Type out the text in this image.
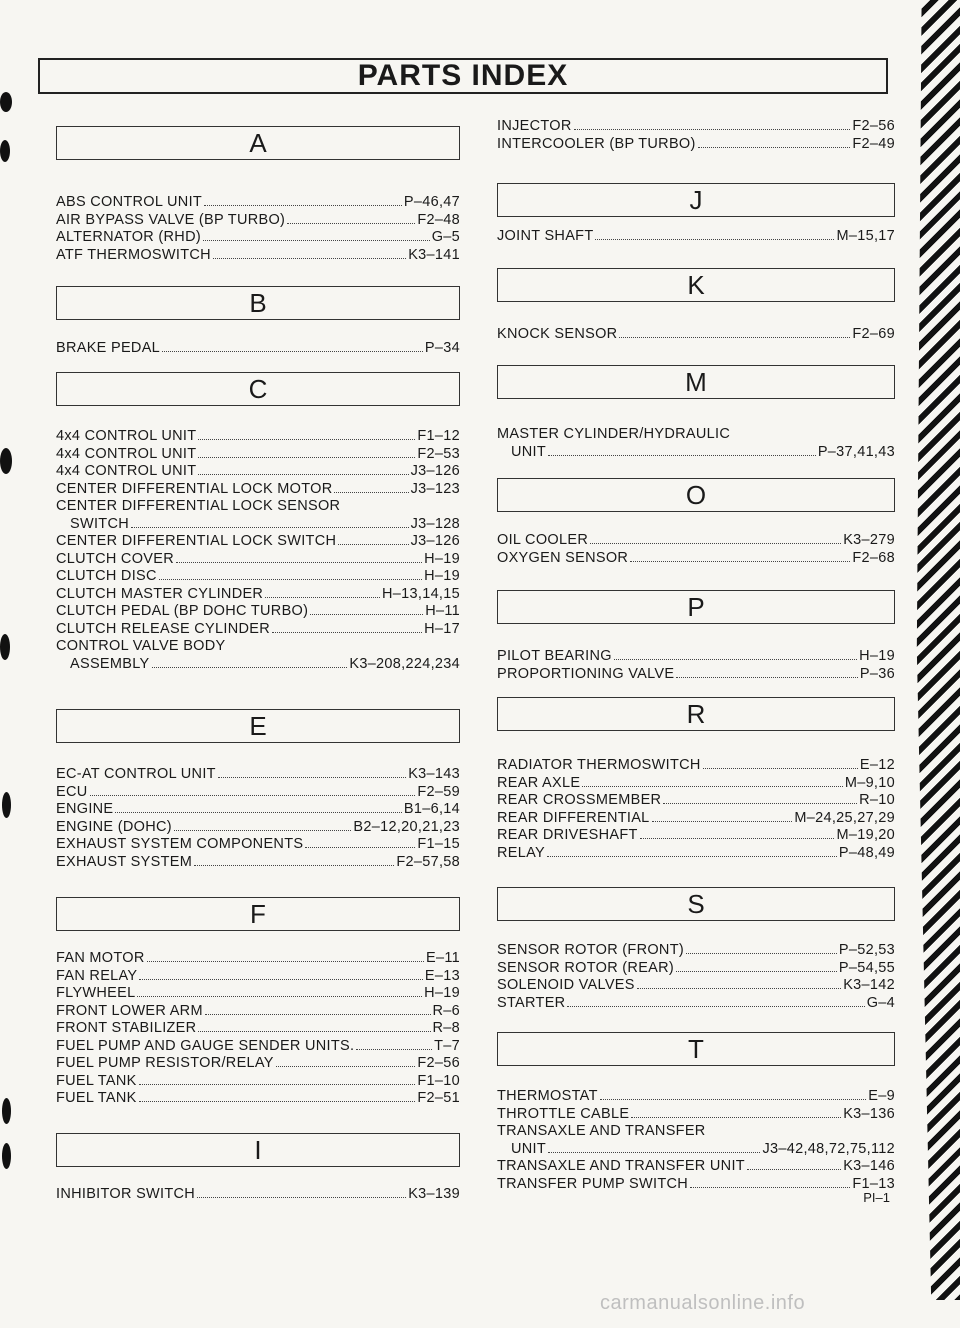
PARTS INDEX
A
ABS CONTROL UNIT	P–46,47
AIR BYPASS VALVE (BP TURBO)	F2–48
ALTERNATOR (RHD)	G–5
ATF THERMOSWITCH	K3–141
B
BRAKE PEDAL	P–34
C
4x4 CONTROL UNIT	F1–12
4x4 CONTROL UNIT	F2–53
4x4 CONTROL UNIT	J3–126
CENTER DIFFERENTIAL LOCK MOTOR	J3–123
CENTER DIFFERENTIAL LOCK SENSOR
SWITCH	J3–128
CENTER DIFFERENTIAL LOCK SWITCH	J3–126
CLUTCH COVER	H–19
CLUTCH DISC	H–19
CLUTCH MASTER CYLINDER	H–13,14,15
CLUTCH PEDAL (BP DOHC TURBO)	H–11
CLUTCH RELEASE CYLINDER	H–17
CONTROL VALVE BODY
ASSEMBLY	K3–208,224,234
E
EC-AT CONTROL UNIT	K3–143
ECU	F2–59
ENGINE	B1–6,14
ENGINE (DOHC)	B2–12,20,21,23
EXHAUST SYSTEM COMPONENTS	F1–15
EXHAUST SYSTEM	F2–57,58
F
FAN MOTOR	E–11
FAN RELAY	E–13
FLYWHEEL	H–19
FRONT LOWER ARM	R–6
FRONT STABILIZER	R–8
FUEL PUMP AND GAUGE SENDER UNITS.	T–7
FUEL PUMP RESISTOR/RELAY	F2–56
FUEL TANK	F1–10
FUEL TANK	F2–51
I
INHIBITOR SWITCH	K3–139
INJECTOR	F2–56
INTERCOOLER (BP TURBO)	F2–49
J
JOINT SHAFT	M–15,17
K
KNOCK SENSOR	F2–69
M
MASTER CYLINDER/HYDRAULIC
UNIT	P–37,41,43
O
OIL COOLER	K3–279
OXYGEN SENSOR	F2–68
P
PILOT BEARING	H–19
PROPORTIONING VALVE	P–36
R
RADIATOR THERMOSWITCH	E–12
REAR AXLE	M–9,10
REAR CROSSMEMBER	R–10
REAR DIFFERENTIAL	M–24,25,27,29
REAR DRIVESHAFT	M–19,20
RELAY	P–48,49
S
SENSOR ROTOR (FRONT)	P–52,53
SENSOR ROTOR (REAR)	P–54,55
SOLENOID VALVES	K3–142
STARTER	G–4
T
THERMOSTAT	E–9
THROTTLE CABLE	K3–136
TRANSAXLE AND TRANSFER
UNIT	J3–42,48,72,75,112
TRANSAXLE AND TRANSFER UNIT	K3–146
TRANSFER PUMP SWITCH	F1–13
PI–1
carmanualsonline.info
